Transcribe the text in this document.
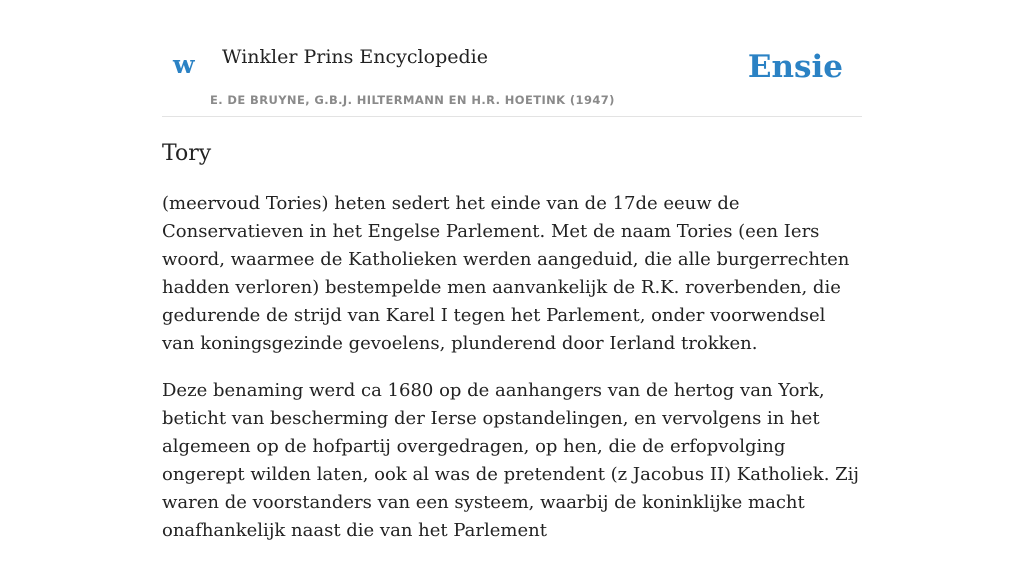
w Winkler Prins Encyclopedie
E. DE BRUYNE, G.B.J. HILTERMANN EN H.R. HOETINK (1947)
Ensie
Tory

(meervoud Tories) heten sedert het einde van de 17de eeuw de Conservatieven in het Engelse Parlement. Met de naam Tories (een Iers woord, waarmee de Katholieken werden aangeduid, die alle burgerrechten hadden verloren) bestempelde men aanvankelijk de R.K. roverbenden, die gedurende de strijd van Karel I tegen het Parlement, onder voorwendsel van koningsgezinde gevoelens, plunderend door Ierland trokken.

Deze benaming werd ca 1680 op de aanhangers van de hertog van York, beticht van bescherming der Ierse opstandelingen, en vervolgens in het algemeen op de hofpartij overgedragen, op hen, die de erfopvolging ongerept wilden laten, ook al was de pretendent (z Jacobus II) Katholiek. Zij waren de voorstanders van een systeem, waarbij de koninklijke macht onafhankelijk naast die van het Parlement
